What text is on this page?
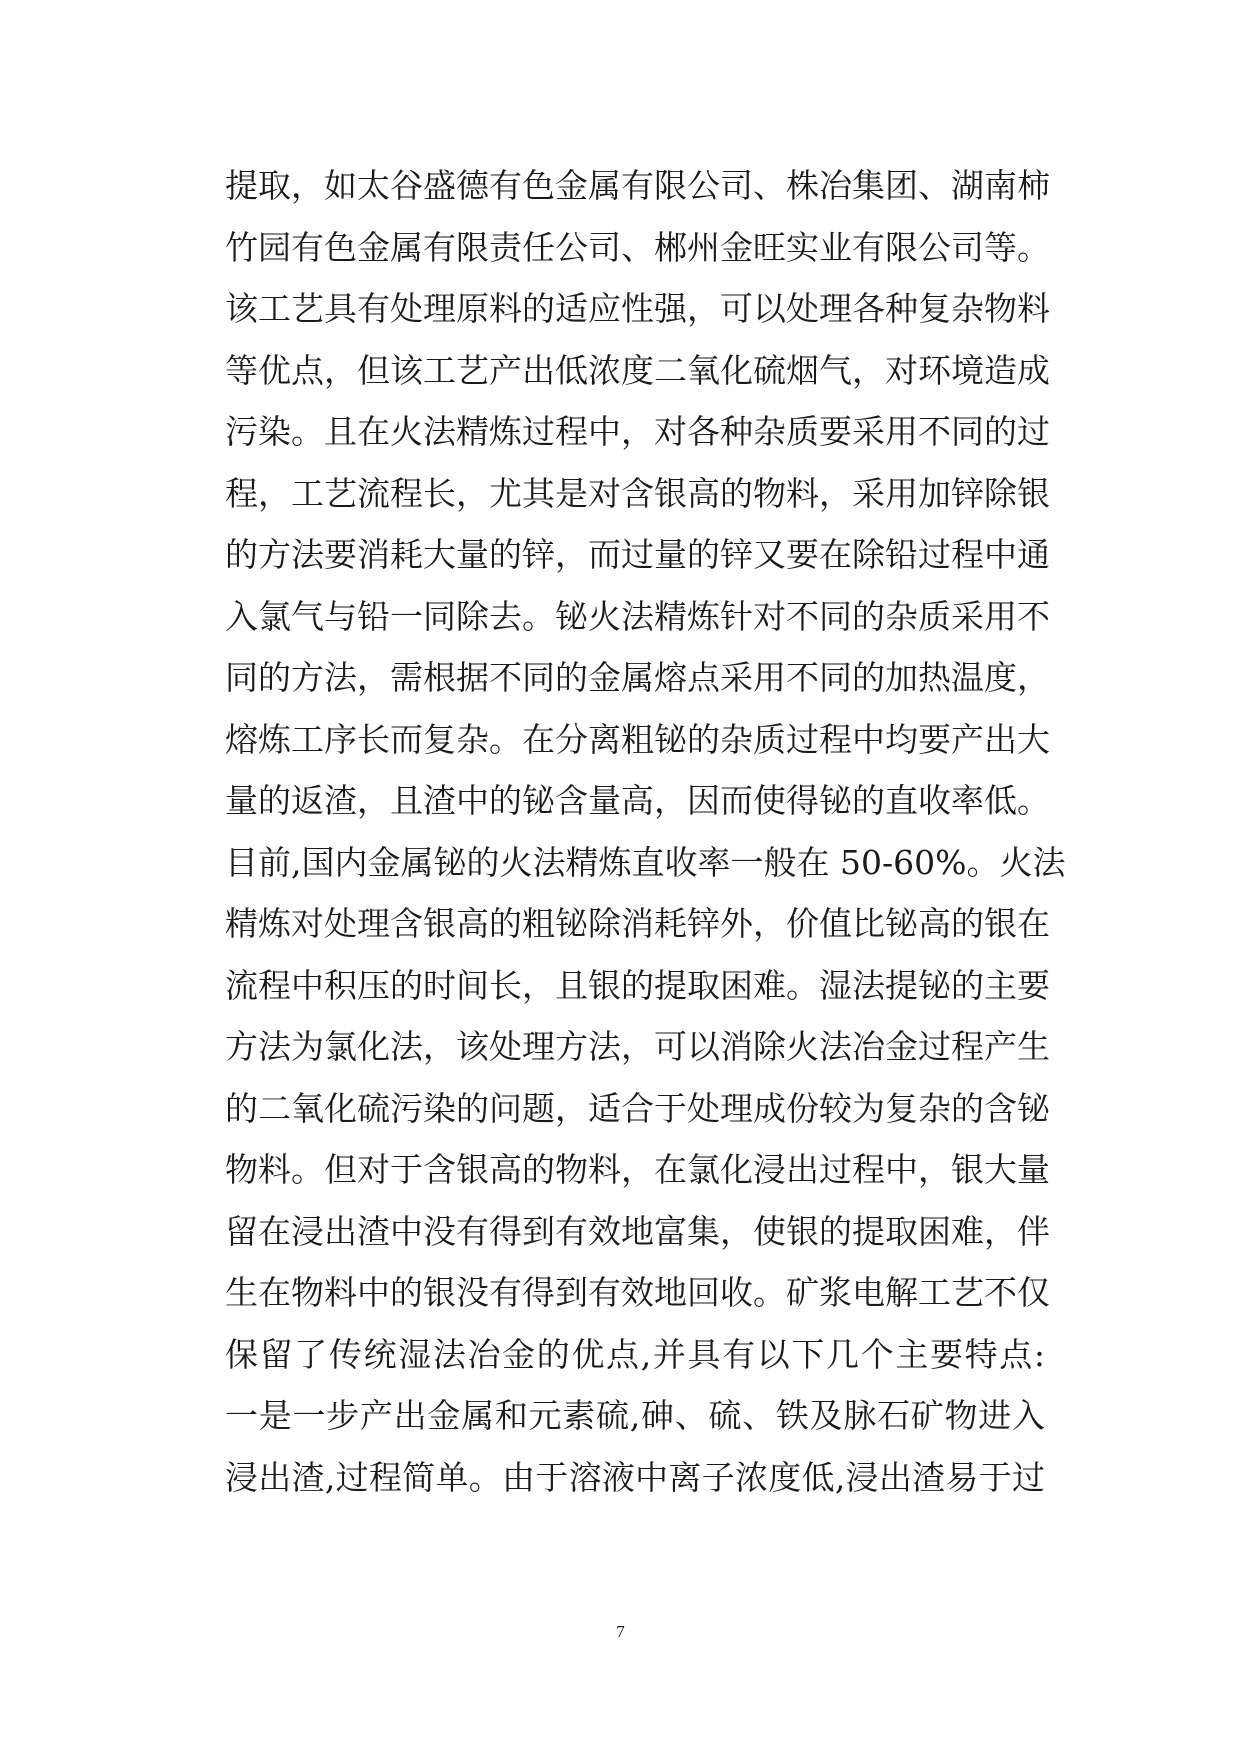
提取，如太谷盛德有色金属有限公司、株冶集团、湖南柿
竹园有色金属有限责任公司、郴州金旺实业有限公司等。
该工艺具有处理原料的适应性强，可以处理各种复杂物料
等优点，但该工艺产出低浓度二氧化硫烟气，对环境造成
污染。且在火法精炼过程中，对各种杂质要采用不同的过
程，工艺流程长，尤其是对含银高的物料，采用加锌除银
的方法要消耗大量的锌，而过量的锌又要在除铅过程中通
入氯气与铅一同除去。铋火法精炼针对不同的杂质采用不
同的方法，需根据不同的金属熔点采用不同的加热温度，
熔炼工序长而复杂。在分离粗铋的杂质过程中均要产出大
量的返渣，且渣中的铋含量高，因而使得铋的直收率低。
目前,国内金属铋的火法精炼直收率一般在 50-60%。火法
精炼对处理含银高的粗铋除消耗锌外，价值比铋高的银在
流程中积压的时间长，且银的提取困难。湿法提铋的主要
方法为氯化法，该处理方法，可以消除火法冶金过程产生
的二氧化硫污染的问题，适合于处理成份较为复杂的含铋
物料。但对于含银高的物料，在氯化浸出过程中，银大量
留在浸出渣中没有得到有效地富集，使银的提取困难，伴
生在物料中的银没有得到有效地回收。矿浆电解工艺不仅
保留了传统湿法冶金的优点,并具有以下几个主要特点:
一是一步产出金属和元素硫,砷、硫、铁及脉石矿物进入
浸出渣,过程简单。由于溶液中离子浓度低,浸出渣易于过
7
